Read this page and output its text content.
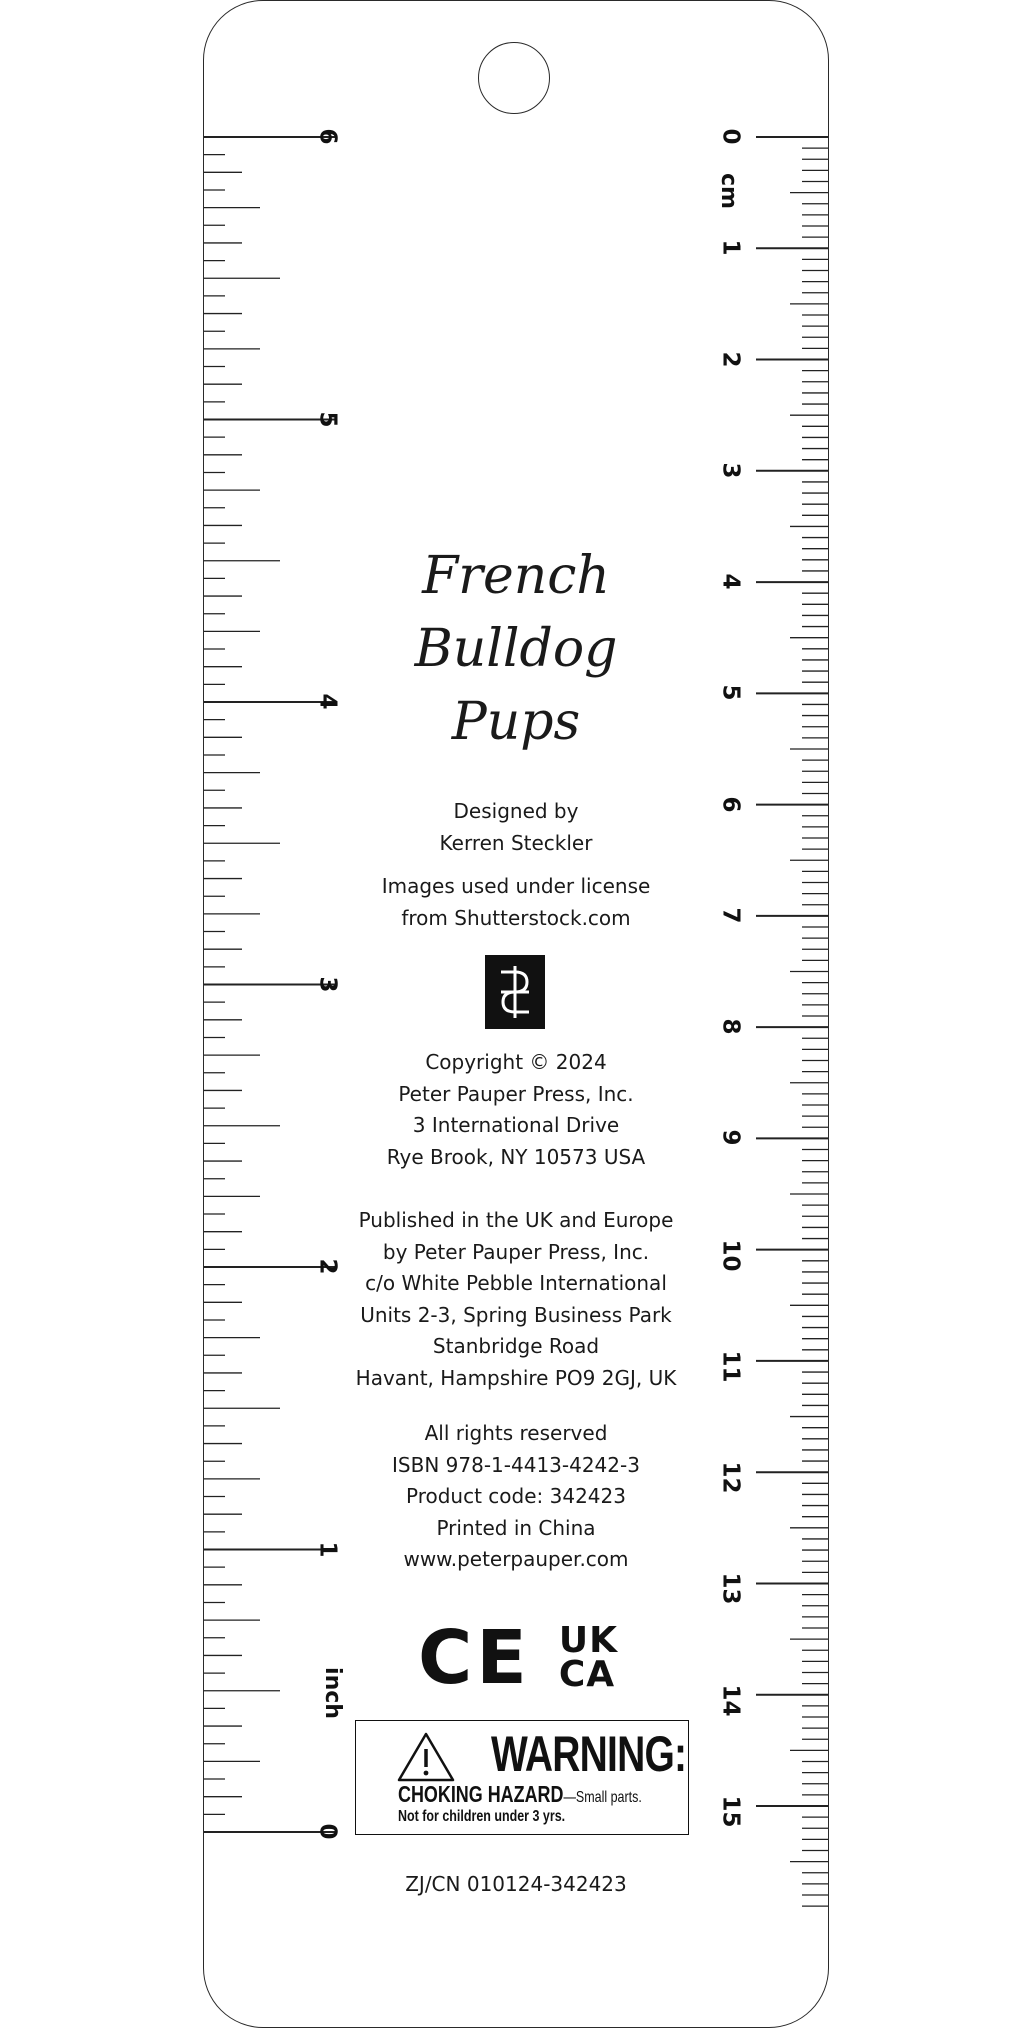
0
1
2
3
4
5
6	0
1
2
3
4
5
6
7
8
9
10
11
12
13
14
15
inch
cm
French
Bulldog
Pups
Designed by
Kerren Steckler
Images used under license
from Shutterstock.com
Copyright © 2024
Peter Pauper Press, Inc.
3 International Drive
Rye Brook, NY 10573 USA
Published in the UK and Europe
by Peter Pauper Press, Inc.
c/o White Pebble International
Units 2-3, Spring Business Park
Stanbridge Road
Havant, Hampshire PO9 2GJ, UK
All rights reserved
ISBN 978-1-4413-4242-3
Product code: 342423
Printed in China
www.peterpauper.com
CE UK
CA
WARNING:
CHOKING HAZARD—Small parts.
Not for children under 3 yrs.
ZJ/CN 010124-342423
